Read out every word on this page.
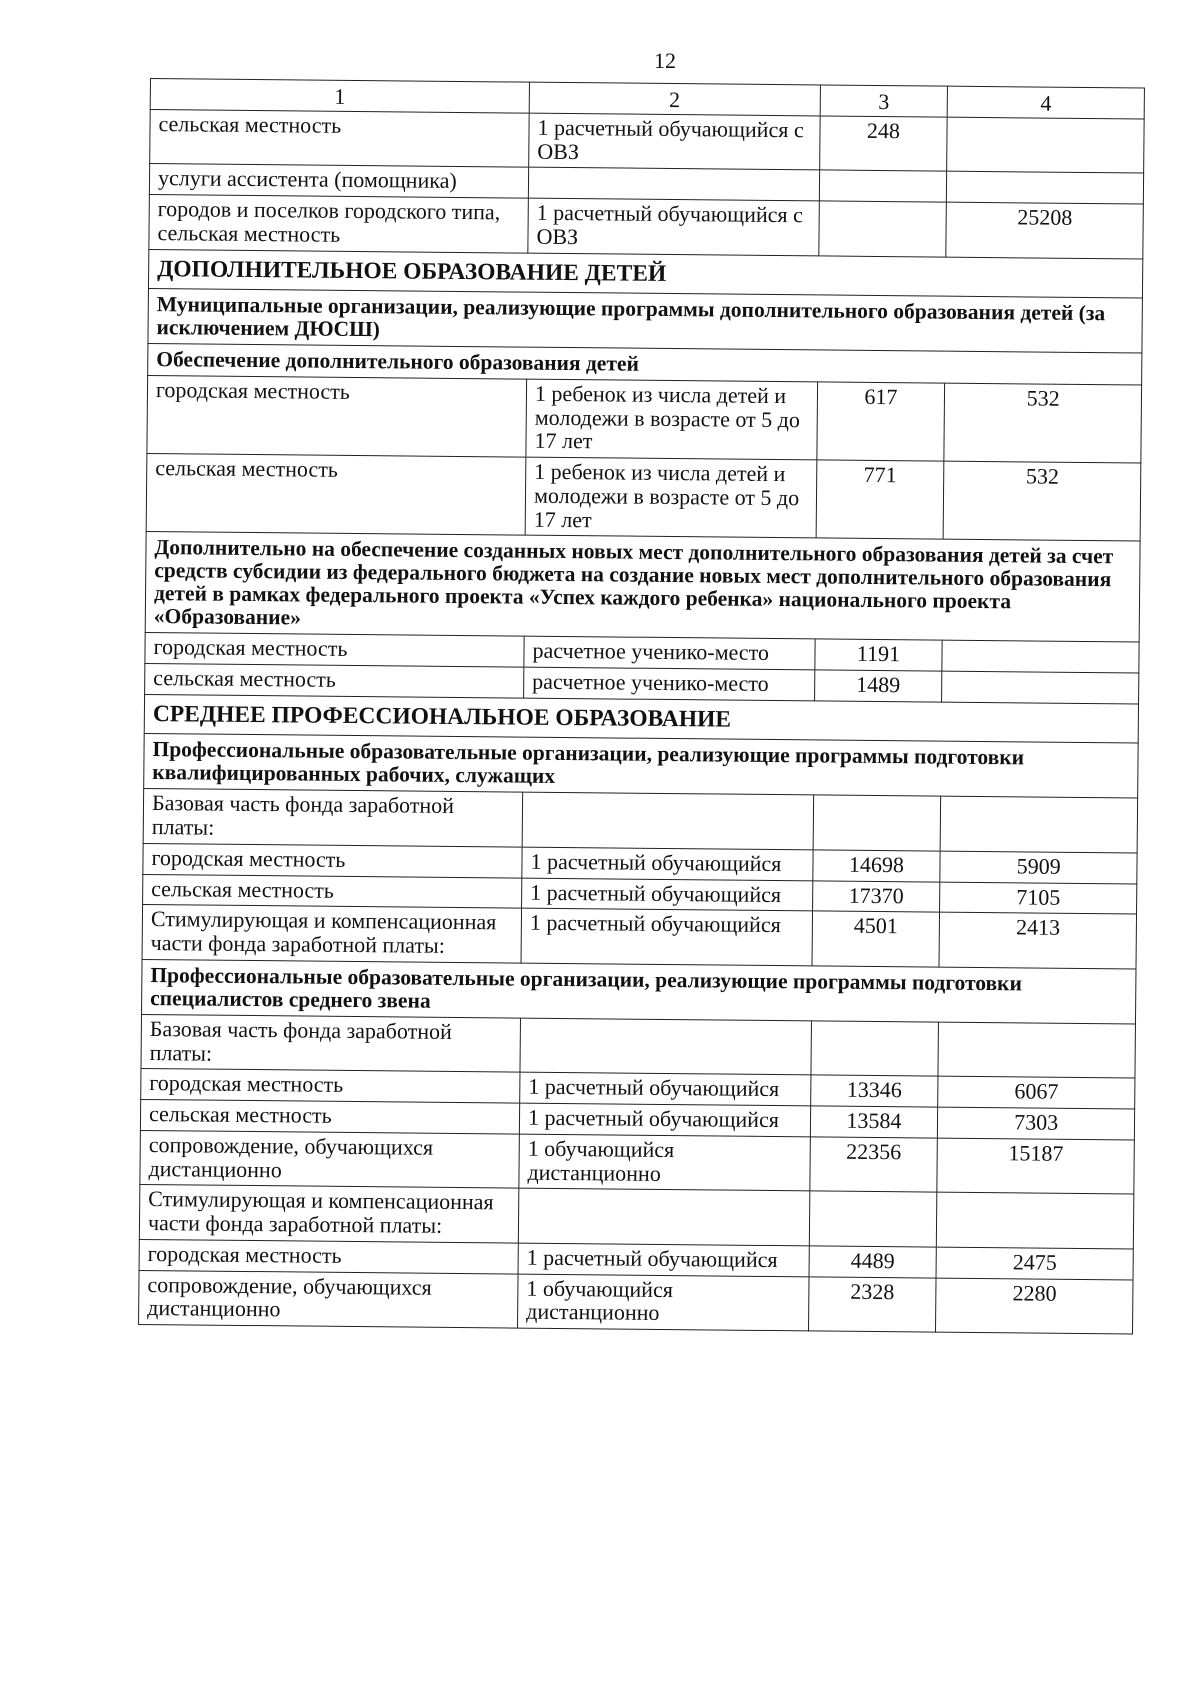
12
1	2	3	4
сельская местность	1 расчетный обучающийся с ОВЗ	248	
услуги ассистента (помощника)			
городов и поселков городского типа, сельская местность	1 расчетный обучающийся с ОВЗ		25208
ДОПОЛНИТЕЛЬНОЕ ОБРАЗОВАНИЕ ДЕТЕЙ			
Муниципальные организации, реализующие программы дополнительного образования детей (за исключением ДЮСШ)			
Обеспечение дополнительного образования детей			
городская местность	1 ребенок из числа детей и молодежи в возрасте от 5 до 17 лет	617	532
сельская местность	1 ребенок из числа детей и молодежи в возрасте от 5 до 17 лет	771	532
Дополнительно на обеспечение созданных новых мест дополнительного образования детей за счет средств субсидии из федерального бюджета на создание новых мест дополнительного образования детей в рамках федерального проекта «Успех каждого ребенка» национального проекта «Образование»			
городская местность	расчетное ученико-место	1191	
сельская местность	расчетное ученико-место	1489	
СРЕДНЕЕ ПРОФЕССИОНАЛЬНОЕ ОБРАЗОВАНИЕ			
Профессиональные образовательные организации, реализующие программы подготовки квалифицированных рабочих, служащих			
Базовая часть фонда заработной платы:			
городская местность	1 расчетный обучающийся	14698	5909
сельская местность	1 расчетный обучающийся	17370	7105
Стимулирующая и компенсационная части фонда заработной платы:	1 расчетный обучающийся	4501	2413
Профессиональные образовательные организации, реализующие программы подготовки специалистов среднего звена			
Базовая часть фонда заработной платы:			
городская местность	1 расчетный обучающийся	13346	6067
сельская местность	1 расчетный обучающийся	13584	7303
сопровождение, обучающихся дистанционно	1 обучающийся дистанционно	22356	15187
Стимулирующая и компенсационная части фонда заработной платы:			
городская местность	1 расчетный обучающийся	4489	2475
сопровождение, обучающихся дистанционно	1 обучающийся дистанционно	2328	2280
